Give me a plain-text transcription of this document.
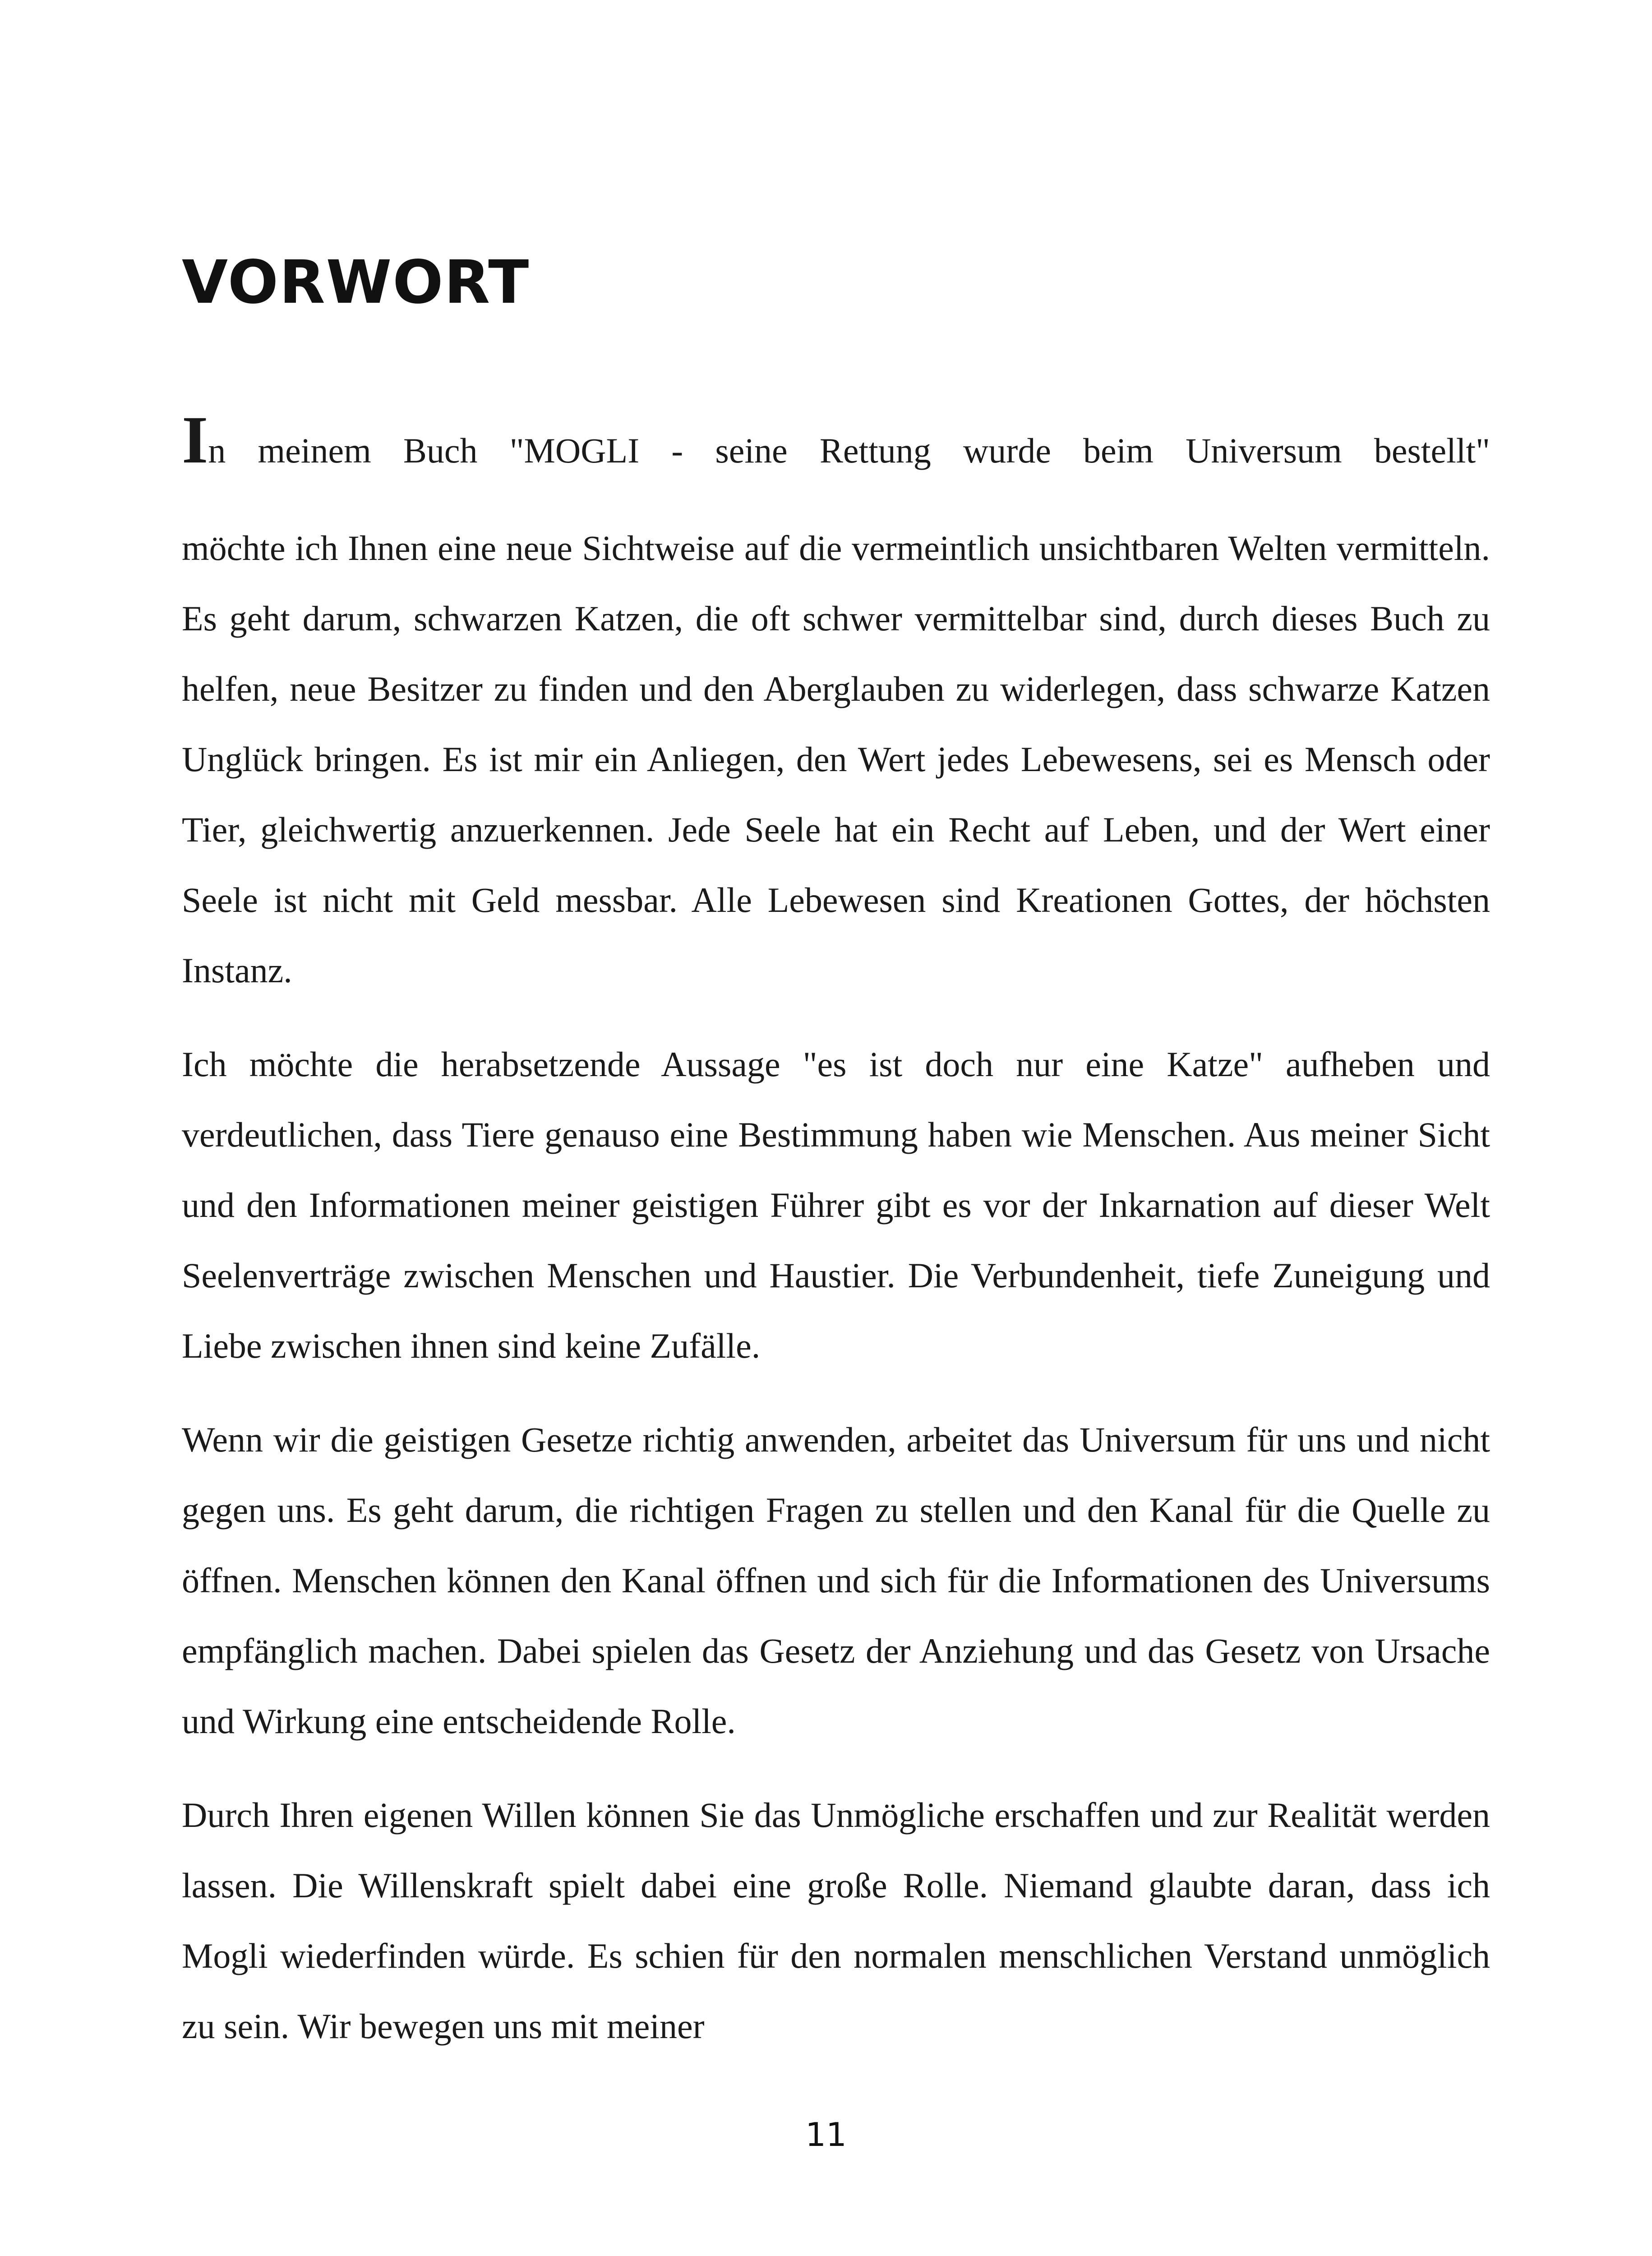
VORWORT

In meinem Buch "MOGLI - seine Rettung wurde beim Universum bestellt"

möchte ich Ihnen eine neue Sichtweise auf die vermeintlich unsichtbaren Welten vermitteln. Es geht darum, schwarzen Katzen, die oft schwer vermittelbar sind, durch dieses Buch zu helfen, neue Besitzer zu finden und den Aberglauben zu widerlegen, dass schwarze Katzen Unglück bringen. Es ist mir ein Anliegen, den Wert jedes Lebewesens, sei es Mensch oder Tier, gleichwertig anzuerkennen. Jede Seele hat ein Recht auf Leben, und der Wert einer Seele ist nicht mit Geld messbar. Alle Lebewesen sind Kreationen Gottes, der höchsten Instanz.

Ich möchte die herabsetzende Aussage "es ist doch nur eine Katze" aufheben und verdeutlichen, dass Tiere genauso eine Bestimmung haben wie Menschen. Aus meiner Sicht und den Informationen meiner geistigen Führer gibt es vor der Inkarnation auf dieser Welt Seelenverträge zwischen Menschen und Haustier. Die Verbundenheit, tiefe Zuneigung und Liebe zwischen ihnen sind keine Zufälle.

Wenn wir die geistigen Gesetze richtig anwenden, arbeitet das Universum für uns und nicht gegen uns. Es geht darum, die richtigen Fragen zu stellen und den Kanal für die Quelle zu öffnen. Menschen können den Kanal öffnen und sich für die Informationen des Universums empfänglich machen. Dabei spielen das Gesetz der Anziehung und das Gesetz von Ursache und Wirkung eine entscheidende Rolle.

Durch Ihren eigenen Willen können Sie das Unmögliche erschaffen und zur Realität werden lassen. Die Willenskraft spielt dabei eine große Rolle. Niemand glaubte daran, dass ich Mogli wiederfinden würde. Es schien für den normalen menschlichen Verstand unmöglich zu sein. Wir bewegen uns mit meiner

11
